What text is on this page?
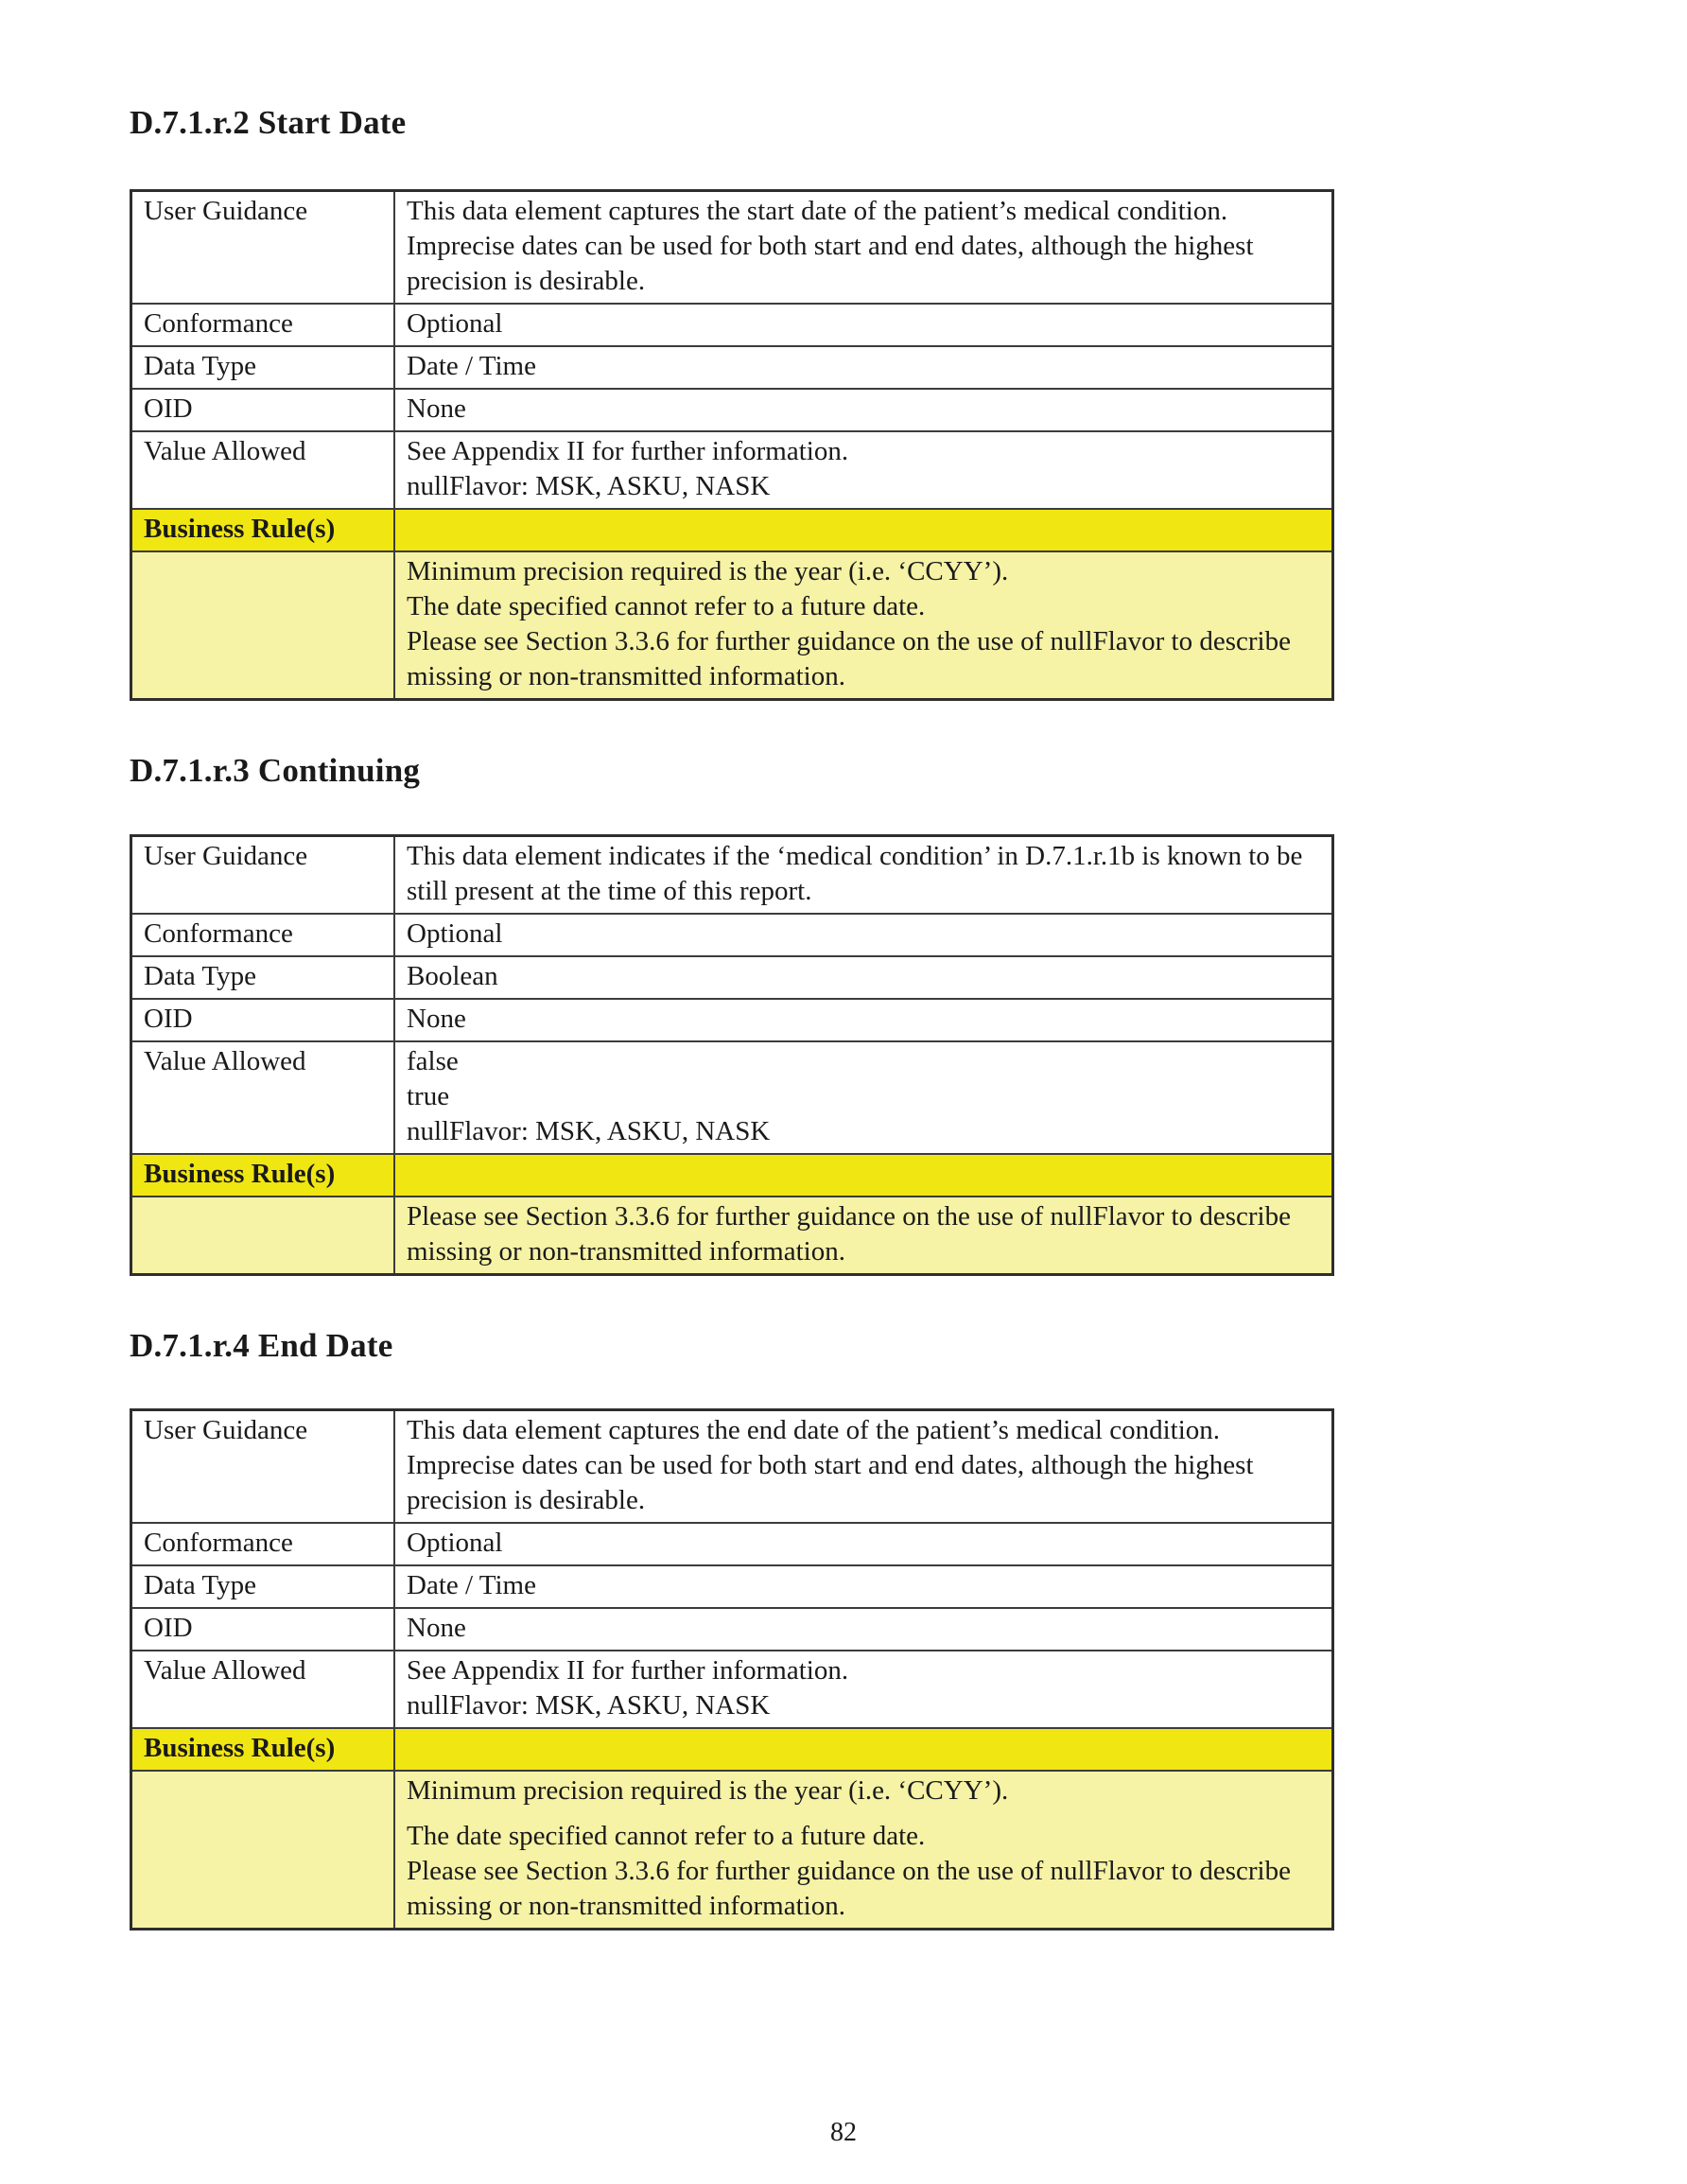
D.7.1.r.2 Start Date
User Guidance	This data element captures the start date of the patient’s medical condition. Imprecise dates can be used for both start and end dates, although the highest precision is desirable.
Conformance	Optional
Data Type	Date / Time
OID	None
Value Allowed	See Appendix II for further information.
nullFlavor: MSK, ASKU, NASK

Business Rule(s)	

	Minimum precision required is the year (i.e. ‘CCYY’).
The date specified cannot refer to a future date.
Please see Section 3.3.6 for further guidance on the use of nullFlavor to describe missing or non-transmitted information.
D.7.1.r.3 Continuing
User Guidance	This data element indicates if the ‘medical condition’ in D.7.1.r.1b is known to be still present at the time of this report.
Conformance	Optional
Data Type	Boolean
OID	None
Value Allowed	false
true
nullFlavor: MSK, ASKU, NASK

Business Rule(s)	

	Please see Section 3.3.6 for further guidance on the use of nullFlavor to describe missing or non-transmitted information.
D.7.1.r.4 End Date
User Guidance	This data element captures the end date of the patient’s medical condition. Imprecise dates can be used for both start and end dates, although the highest precision is desirable.
Conformance	Optional
Data Type	Date / Time
OID	None
Value Allowed	See Appendix II for further information.
nullFlavor: MSK, ASKU, NASK

Business Rule(s)	

	Minimum precision required is the year (i.e. ‘CCYY’).
The date specified cannot refer to a future date.
Please see Section 3.3.6 for further guidance on the use of nullFlavor to describe missing or non-transmitted information.
82
